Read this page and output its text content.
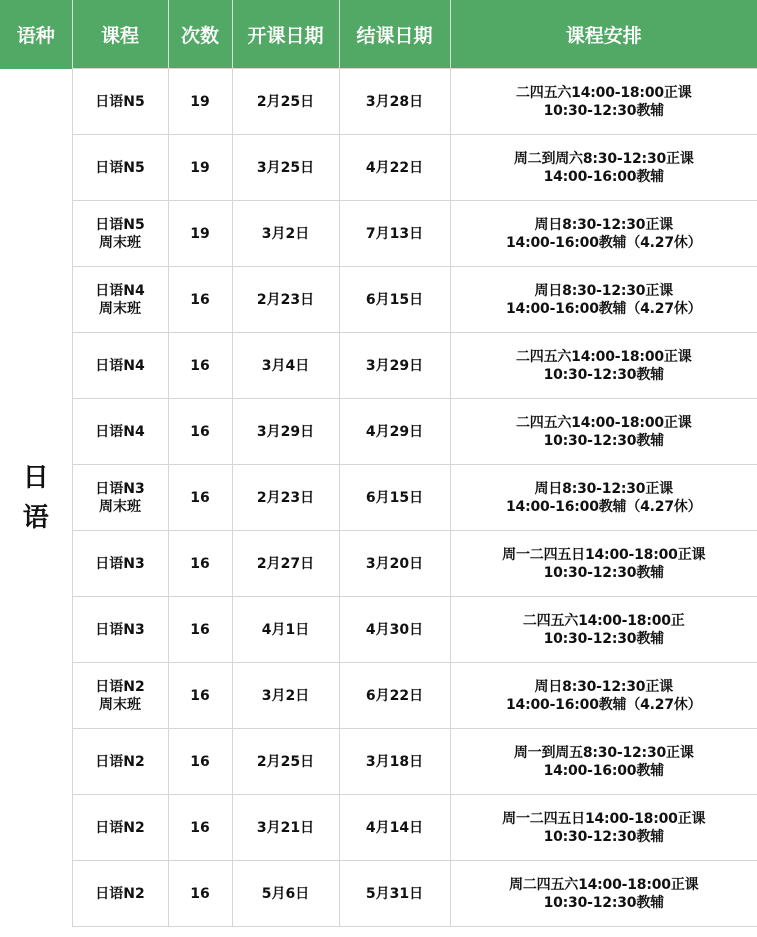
语种	课程	次数	开课日期	结课日期	课程安排

日
语	日语N5	19	2月25日	3月28日	二四五六14:00-18:00正课
10:30-12:30教辅

	日语N5	19	3月25日	4月22日	周二到周六8:30-12:30正课
14:00-16:00教辅

	日语N5
周末班	19	3月2日	7月13日	周日8:30-12:30正课
14:00-16:00教辅（4.27休）

	日语N4
周末班	16	2月23日	6月15日	周日8:30-12:30正课
14:00-16:00教辅（4.27休）

	日语N4	16	3月4日	3月29日	二四五六14:00-18:00正课
10:30-12:30教辅

	日语N4	16	3月29日	4月29日	二四五六14:00-18:00正课
10:30-12:30教辅

	日语N3
周末班	16	2月23日	6月15日	周日8:30-12:30正课
14:00-16:00教辅（4.27休）

	日语N3	16	2月27日	3月20日	周一二四五日14:00-18:00正课
10:30-12:30教辅

	日语N3	16	4月1日	4月30日	二四五六14:00-18:00正
10:30-12:30教辅

	日语N2
周末班	16	3月2日	6月22日	周日8:30-12:30正课
14:00-16:00教辅（4.27休）

	日语N2	16	2月25日	3月18日	周一到周五8:30-12:30正课
14:00-16:00教辅

	日语N2	16	3月21日	4月14日	周一二四五日14:00-18:00正课
10:30-12:30教辅

	日语N2	16	5月6日	5月31日	周二四五六14:00-18:00正课
10:30-12:30教辅
